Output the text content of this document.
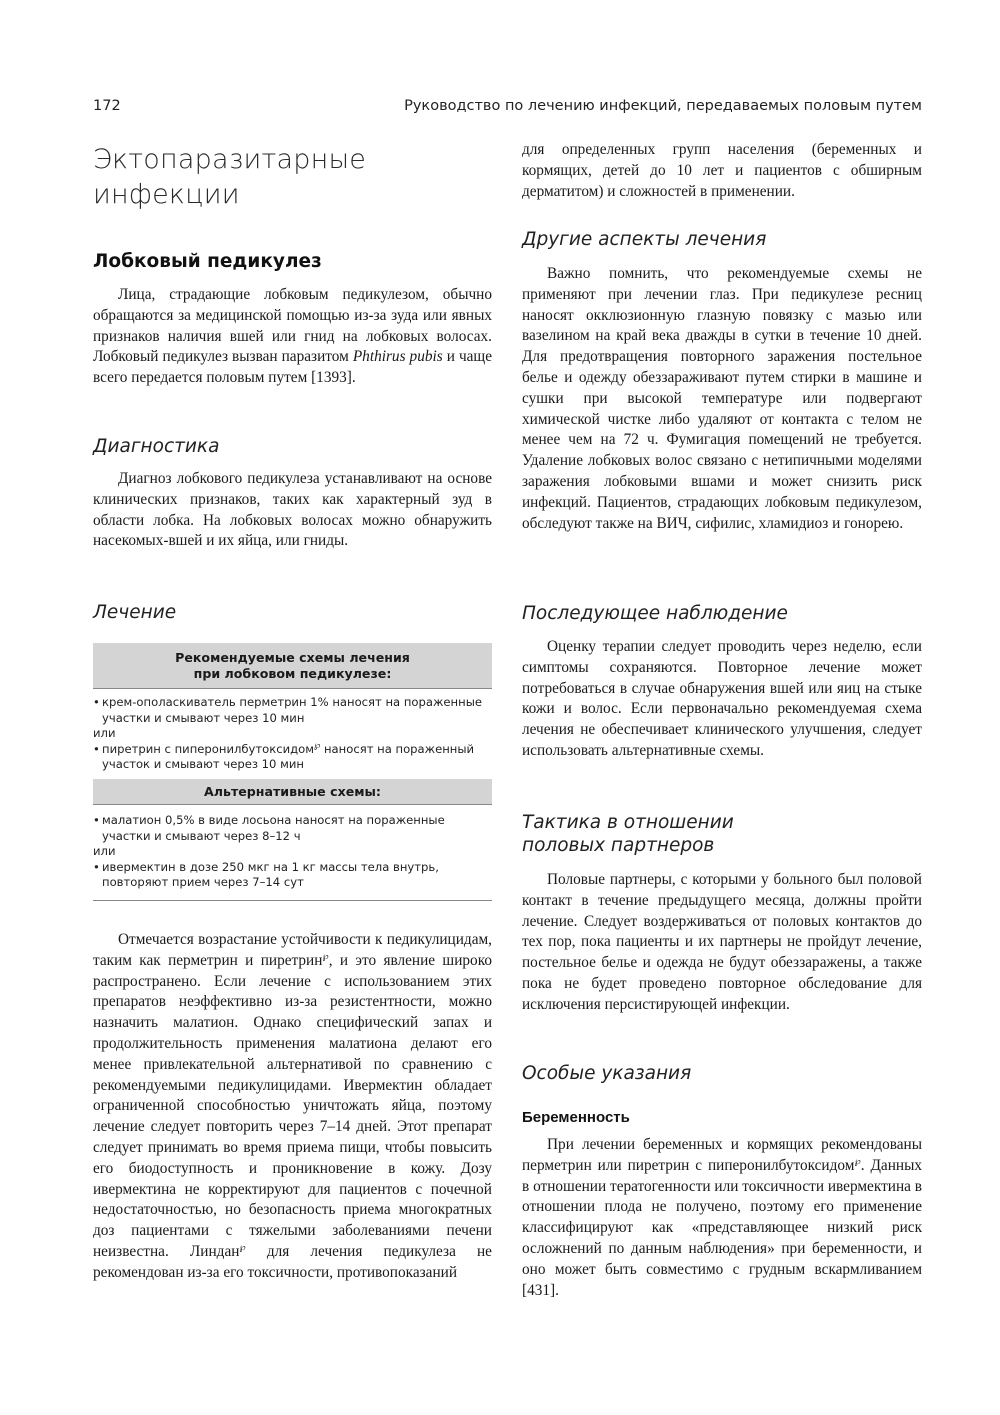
172	Руководство по лечению инфекций, передаваемых половым путем
Эктопаразитарные
инфекции
Лобковый педикулез
Лица, страдающие лобковым педикулезом, обычно обращаются за медицинской помощью из-за зуда или явных признаков наличия вшей или гнид на лобковых волосах. Лобковый педикулез вызван паразитом Phthirus pubis и чаще всего передается половым путем [1393].
Диагностика
Диагноз лобкового педикулеза устанавливают на основе клинических признаков, таких как характерный зуд в области лобка. На лобковых волосах можно обнаружить насекомых-вшей и их яйца, или гниды.
Лечение
Рекомендуемые схемы лечения
при лобковом педикулезе:
• крем-ополаскиватель перметрин 1% наносят на пораженные участки и смывают через 10 мин
или
• пиретрин с пиперонилбутоксидом℘ наносят на пораженный участок и смывают через 10 мин
Альтернативные схемы:
• малатион 0,5% в виде лосьона наносят на пораженные участки и смывают через 8–12 ч
или
• ивермектин в дозе 250 мкг на 1 кг массы тела внутрь, повторяют прием через 7–14 сут
Отмечается возрастание устойчивости к педикулицидам, таким как перметрин и пиретрин℘, и это явление широко распространено. Если лечение с использованием этих препаратов неэффективно из-за резистентности, можно назначить малатион. Однако специфический запах и продолжительность применения малатиона делают его менее привлекательной альтернативой по сравнению с рекомендуемыми педикулицидами. Ивермектин обладает ограниченной способностью уничтожать яйца, поэтому лечение следует повторить через 7–14 дней. Этот препарат следует принимать во время приема пищи, чтобы повысить его биодоступность и проникновение в кожу. Дозу ивермектина не корректируют для пациентов с почечной недостаточностью, но безопасность приема многократных доз пациентами с тяжелыми заболеваниями печени неизвестна. Линдан℘ для лечения педикулеза не рекомендован из-за его токсичности, противопоказаний
для определенных групп населения (беременных и кормящих, детей до 10 лет и пациентов с обширным дерматитом) и сложностей в применении.
Другие аспекты лечения
Важно помнить, что рекомендуемые схемы не применяют при лечении глаз. При педикулезе ресниц наносят окклюзионную глазную повязку с мазью или вазелином на край века дважды в сутки в течение 10 дней. Для предотвращения повторного заражения постельное белье и одежду обеззараживают путем стирки в машине и сушки при высокой температуре или подвергают химической чистке либо удаляют от контакта с телом не менее чем на 72 ч. Фумигация помещений не требуется. Удаление лобковых волос связано с нетипичными моделями заражения лобковыми вшами и может снизить риск инфекций. Пациентов, страдающих лобковым педикулезом, обследуют также на ВИЧ, сифилис, хламидиоз и гонорею.
Последующее наблюдение
Оценку терапии следует проводить через неделю, если симптомы сохраняются. Повторное лечение может потребоваться в случае обнаружения вшей или яиц на стыке кожи и волос. Если первоначально рекомендуемая схема лечения не обеспечивает клинического улучшения, следует использовать альтернативные схемы.
Тактика в отношении
половых партнеров
Половые партнеры, с которыми у больного был половой контакт в течение предыдущего месяца, должны пройти лечение. Следует воздерживаться от половых контактов до тех пор, пока пациенты и их партнеры не пройдут лечение, постельное белье и одежда не будут обеззаражены, а также пока не будет проведено повторное обследование для исключения персистирующей инфекции.
Особые указания
Беременность
При лечении беременных и кормящих рекомендованы перметрин или пиретрин с пиперонилбутоксидом℘. Данных в отношении тератогенности или токсичности ивермектина в отношении плода не получено, поэтому его применение классифицируют как «представляющее низкий риск осложнений по данным наблюдения» при беременности, и оно может быть совместимо с грудным вскармливанием [431].
